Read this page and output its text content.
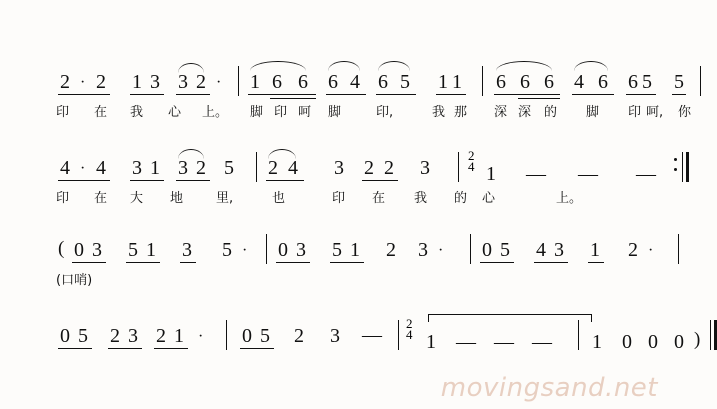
2 · 2 1 3 3 2 · 1 6 6 6 4 6 5 1 1 6 6 6 4 6 6 5 5
印 在 我 心 上。 脚 印 呵 脚	印,	我 那 深 深 的 脚 印 呵, 你
4 · 4 3 1 3 2 5 2 4 3 2 2 3
2
4 1 — — —
印 在 大 地	里,	也	印 在 我 的 心	上。
( 0 3 5 1 3 5 · 0 3 5 1 2 3 · 0 5 4 3 1 2 ·
(口哨)
0 5 2 3 2 1 · 0 5 2 3 —
2
4 1 — — — 1 0 0 0 )
movingsand.net
